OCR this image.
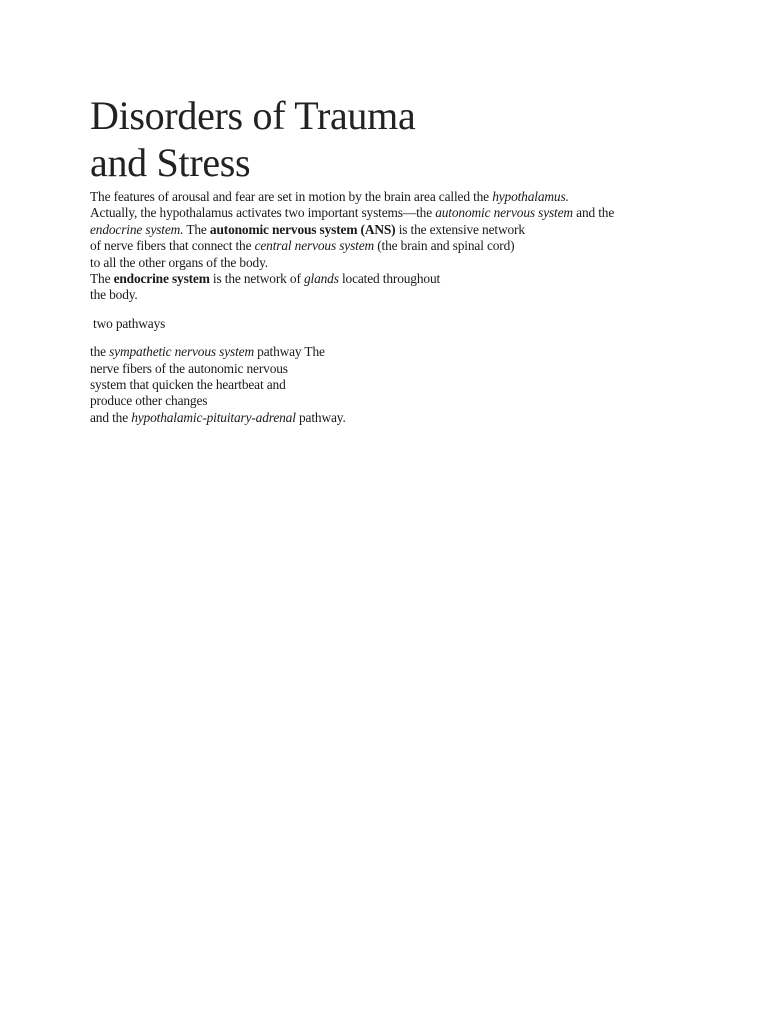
Disorders of Trauma
and Stress

The features of arousal and fear are set in motion by the brain area called the hypothalamus.
Actually, the hypothalamus activates two important systems—the autonomic nervous system and the
endocrine system. The autonomic nervous system (ANS) is the extensive network
of nerve fibers that connect the central nervous system (the brain and spinal cord)
to all the other organs of the body.
The endocrine system is the network of glands located throughout
the body.

two pathways

the sympathetic nervous system pathway The
nerve fibers of the autonomic nervous
system that quicken the heartbeat and
produce other changes
and the hypothalamic-pituitary-adrenal pathway.
